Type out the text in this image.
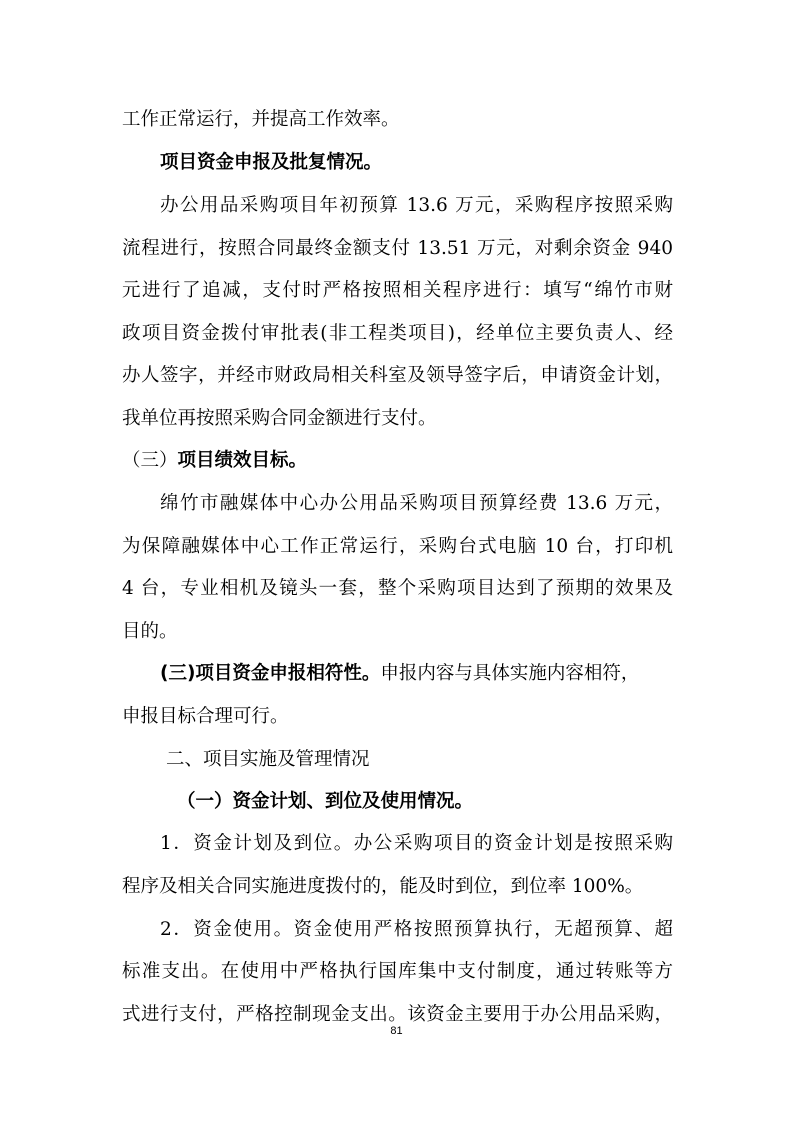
工作正常运行，并提高工作效率。
项目资金申报及批复情况。
办公用品采购项目年初预算 13.6 万元，采购程序按照采购
流程进行，按照合同最终金额支付 13.51 万元，对剩余资金 940
元进行了追减，支付时严格按照相关程序进行：填写“绵竹市财
政项目资金拨付审批表(非工程类项目)，经单位主要负责人、经
办人签字，并经市财政局相关科室及领导签字后，申请资金计划，
我单位再按照采购合同金额进行支付。
（三）项目绩效目标。
绵竹市融媒体中心办公用品采购项目预算经费 13.6 万元，
为保障融媒体中心工作正常运行，采购台式电脑 10 台，打印机
4 台，专业相机及镜头一套，整个采购项目达到了预期的效果及
目的。
(三)项目资金申报相符性。申报内容与具体实施内容相符，
申报目标合理可行。
二、项目实施及管理情况
（一）资金计划、到位及使用情况。
1．资金计划及到位。办公采购项目的资金计划是按照采购
程序及相关合同实施进度拨付的，能及时到位，到位率 100%。
2．资金使用。资金使用严格按照预算执行，无超预算、超
标准支出。在使用中严格执行国库集中支付制度，通过转账等方
式进行支付，严格控制现金支出。该资金主要用于办公用品采购，
81
